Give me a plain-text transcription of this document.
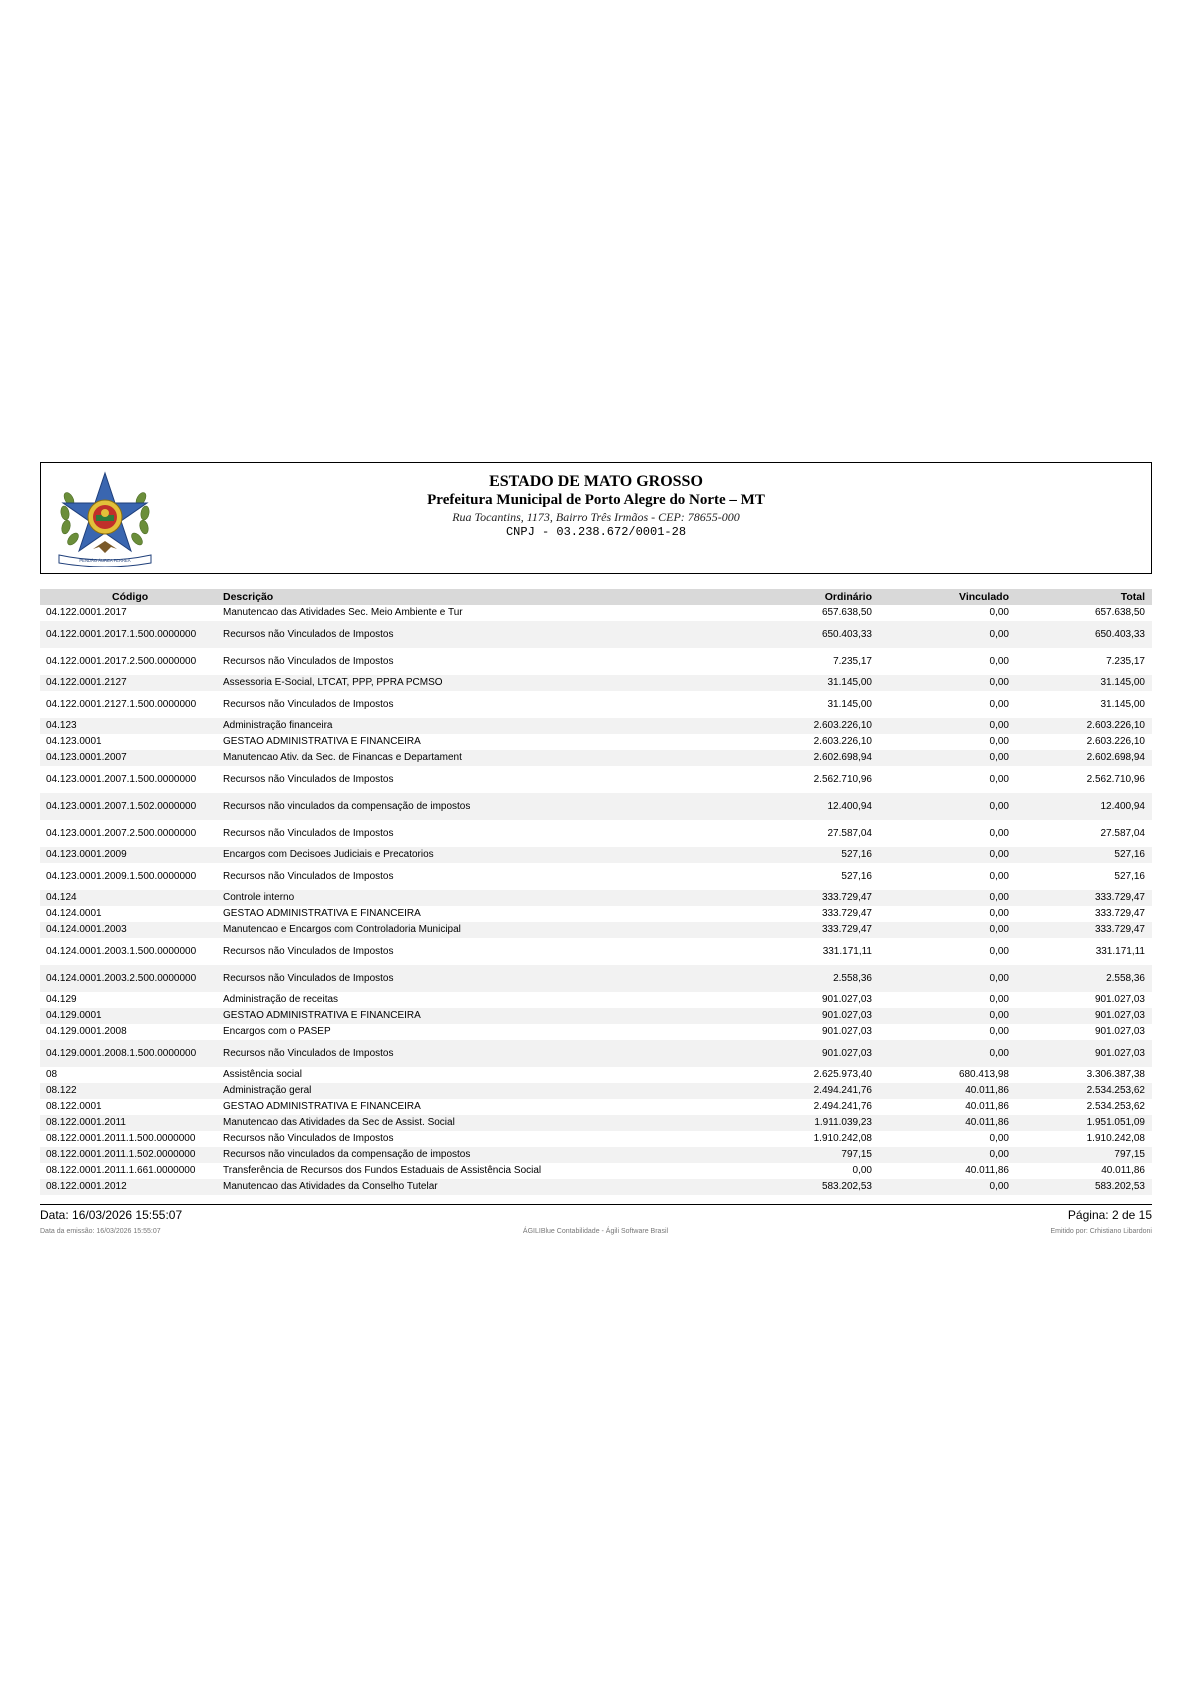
PENDÃO ÁUREA FERREA
ESTADO DE MATO GROSSO
Prefeitura Municipal de Porto Alegre do Norte – MT
Rua Tocantins, 1173, Bairro Três Irmãos - CEP: 78655-000
CNPJ - 03.238.672/0001-28
Código	Descrição	Ordinário	Vinculado	Total
04.122.0001.2017	Manutencao das Atividades Sec. Meio Ambiente e Tur	657.638,50	0,00	657.638,50
04.122.0001.2017.1.500.0000000	Recursos não Vinculados de Impostos	650.403,33	0,00	650.403,33
04.122.0001.2017.2.500.0000000	Recursos não Vinculados de Impostos	7.235,17	0,00	7.235,17
04.122.0001.2127	Assessoria E-Social, LTCAT, PPP, PPRA PCMSO	31.145,00	0,00	31.145,00
04.122.0001.2127.1.500.0000000	Recursos não Vinculados de Impostos	31.145,00	0,00	31.145,00
04.123	Administração financeira	2.603.226,10	0,00	2.603.226,10
04.123.0001	GESTAO ADMINISTRATIVA E FINANCEIRA	2.603.226,10	0,00	2.603.226,10
04.123.0001.2007	Manutencao Ativ. da Sec. de Financas e Departament	2.602.698,94	0,00	2.602.698,94
04.123.0001.2007.1.500.0000000	Recursos não Vinculados de Impostos	2.562.710,96	0,00	2.562.710,96
04.123.0001.2007.1.502.0000000	Recursos não vinculados da compensação de impostos	12.400,94	0,00	12.400,94
04.123.0001.2007.2.500.0000000	Recursos não Vinculados de Impostos	27.587,04	0,00	27.587,04
04.123.0001.2009	Encargos com Decisoes Judiciais e Precatorios	527,16	0,00	527,16
04.123.0001.2009.1.500.0000000	Recursos não Vinculados de Impostos	527,16	0,00	527,16
04.124	Controle interno	333.729,47	0,00	333.729,47
04.124.0001	GESTAO ADMINISTRATIVA E FINANCEIRA	333.729,47	0,00	333.729,47
04.124.0001.2003	Manutencao e Encargos com Controladoria Municipal	333.729,47	0,00	333.729,47
04.124.0001.2003.1.500.0000000	Recursos não Vinculados de Impostos	331.171,11	0,00	331.171,11
04.124.0001.2003.2.500.0000000	Recursos não Vinculados de Impostos	2.558,36	0,00	2.558,36
04.129	Administração de receitas	901.027,03	0,00	901.027,03
04.129.0001	GESTAO ADMINISTRATIVA E FINANCEIRA	901.027,03	0,00	901.027,03
04.129.0001.2008	Encargos com o PASEP	901.027,03	0,00	901.027,03
04.129.0001.2008.1.500.0000000	Recursos não Vinculados de Impostos	901.027,03	0,00	901.027,03
08	Assistência social	2.625.973,40	680.413,98	3.306.387,38
08.122	Administração geral	2.494.241,76	40.011,86	2.534.253,62
08.122.0001	GESTAO ADMINISTRATIVA E FINANCEIRA	2.494.241,76	40.011,86	2.534.253,62
08.122.0001.2011	Manutencao das Atividades da Sec de Assist. Social	1.911.039,23	40.011,86	1.951.051,09
08.122.0001.2011.1.500.0000000	Recursos não Vinculados de Impostos	1.910.242,08	0,00	1.910.242,08
08.122.0001.2011.1.502.0000000	Recursos não vinculados da compensação de impostos	797,15	0,00	797,15
08.122.0001.2011.1.661.0000000	Transferência de Recursos dos Fundos Estaduais de Assistência Social	0,00	40.011,86	40.011,86
08.122.0001.2012	Manutencao das Atividades da Conselho Tutelar	583.202,53	0,00	583.202,53
Data: 16/03/2026 15:55:07	Página: 2 de 15
Data da emissão: 16/03/2026 15:55:07	ÁGILIBlue Contabilidade - Ágili Software Brasil	Emitido por: Crhistiano Libardoni
